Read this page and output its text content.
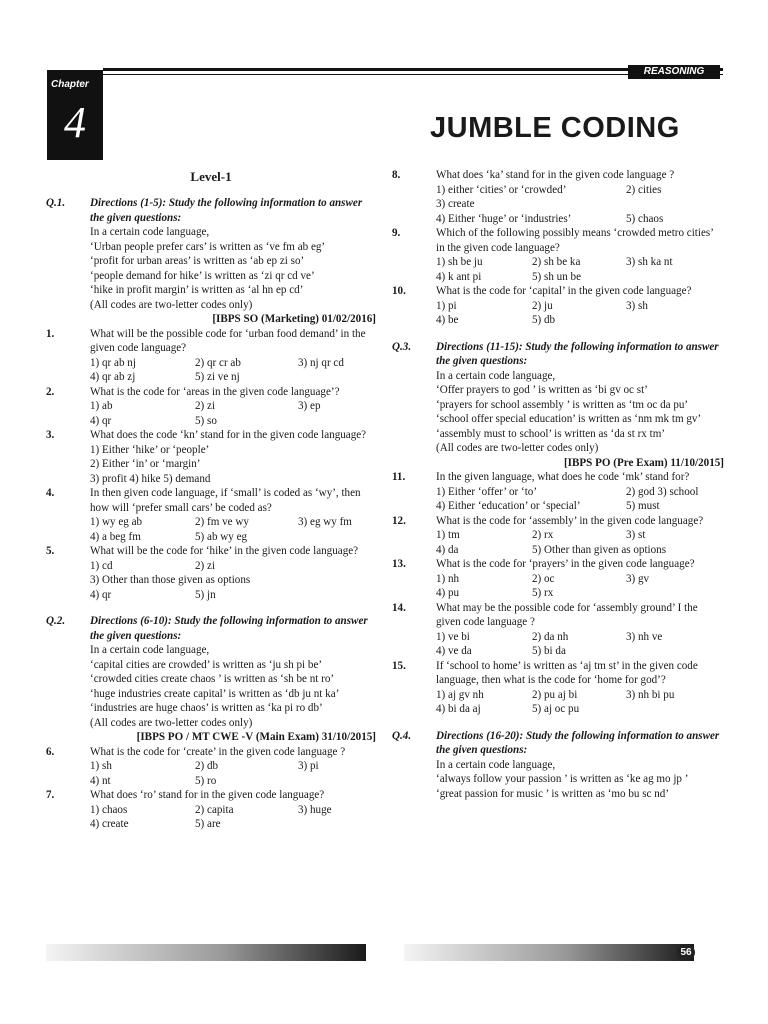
REASONING
Chapter
4	JUMBLE CODING
Level-1
Q.1. Directions (1-5): Study the following information to answer the given questions:
In a certain code language,
‘Urban people prefer cars’ is written as ‘ve fm ab eg’
‘profit for urban areas’ is written as ‘ab ep zi so’
‘people demand for hike’ is written as ‘zi qr cd ve’
‘hike in profit margin’ is written as ‘al hn ep cd’
(All codes are two-letter codes only)
[IBPS SO (Marketing) 01/02/2016]
1.	What will be the possible code for ‘urban food demand’ in the given code language?
1) qr ab nj	2) qr cr ab	3) nj qr cd
4) qr ab zj	5) zi ve nj
2.	What is the code for ‘areas in the given code language’?
1) ab	2) zi	3) ep
4) qr	5) so
3.	What does the code ‘kn’ stand for in the given code language?
1) Either ‘hike’ or ‘people’
2) Either ‘in’ or ‘margin’
3) profit 4) hike 5) demand
4.	In then given code language, if ‘small’ is coded as ‘wy’, then how will ‘prefer small cars’ be coded as?
1) wy eg ab	2) fm ve wy	3) eg wy fm
4) a beg fm	5) ab wy eg
5.	What will be the code for ‘hike’ in the given code language?
1) cd	2) zi
3) Other than those given as options
4) qr	5) jn
Q.2. Directions (6-10): Study the following information to answer the given questions:
In a certain code language,
‘capital cities are crowded’ is written as ‘ju sh pi be’
‘crowded cities create chaos ’ is written as ‘sh be nt ro’
‘huge industries create capital’ is written as ‘db ju nt ka’
‘industries are huge chaos’ is written as ‘ka pi ro db’
(All codes are two-letter codes only)
[IBPS PO / MT CWE -V (Main Exam) 31/10/2015]
6.	What is the code for ‘create’ in the given code language ?
1) sh	2) db	3) pi
4) nt	5) ro
7.	What does ‘ro’ stand for in the given code language?
1) chaos	2) capita	3) huge
4) create	5) are
8.	What does ‘ka’ stand for in the given code language ?
1) either ‘cities’ or ‘crowded’	2) cities
3) create
4) Either ‘huge’ or ‘industries’	5) chaos
9.	Which of the following possibly means ‘crowded metro cities’ in the given code language?
1) sh be ju	2) sh be ka	3) sh ka nt
4) k ant pi	5) sh un be
10.	What is the code for ‘capital’ in the given code language?
1) pi	2) ju	3) sh
4) be	5) db
Q.3. Directions (11-15): Study the following information to answer the given questions:
In a certain code language,
‘Offer prayers to god ’ is written as ‘bi gv oc st’
‘prayers for school assembly ’ is written as ‘tm oc da pu’
‘school offer special education’ is written as ‘nm mk tm gv’
‘assembly must to school’ is written as ‘da st rx tm’
(All codes are two-letter codes only)
[IBPS PO (Pre Exam) 11/10/2015]
11.	In the given language, what does he code ‘mk’ stand for?
1) Either ‘offer’ or ‘to’	2) god 3) school
4) Either ‘education’ or ‘special’	5) must
12.	What is the code for ‘assembly’ in the given code language?
1) tm	2) rx	3) st
4) da	5) Other than given as options
13.	What is the code for ‘prayers’ in the given code language?
1) nh	2) oc	3) gv
4) pu	5) rx
14.	What may be the possible code for ‘assembly ground’ I the given code language ?
1) ve bi	2) da nh	3) nh ve
4) ve da	5) bi da
15.	If ‘school to home’ is written as ‘aj tm st’ in the given code language, then what is the code for ‘home for god’?
1) aj gv nh	2) pu aj bi	3) nh bi pu
4) bi da aj	5) aj oc pu
Q.4. Directions (16-20): Study the following information to answer the given questions:
In a certain code language,
‘always follow your passion ’ is written as ‘ke ag mo jp ’
‘great passion for music ’ is written as ‘mo bu sc nd’
56
